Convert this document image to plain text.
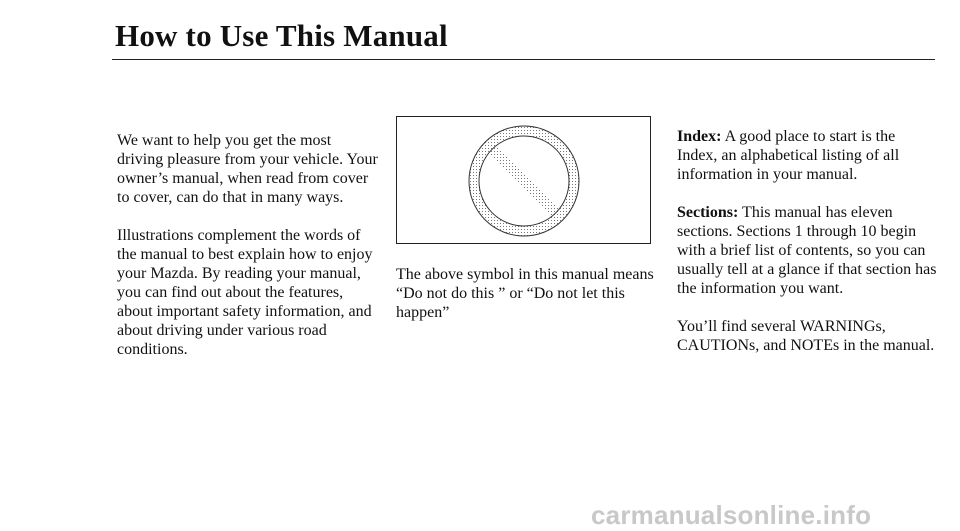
How to Use This Manual

We want to help you get the most driving pleasure from your vehicle. Your owner’s manual, when read from cover to cover, can do that in many ways.

Illustrations complement the words of the manual to best explain how to enjoy your Mazda. By reading your manual, you can find out about the features, about important safety information, and about driving under various road conditions.

The above symbol in this manual means “Do not do this ” or “Do not let this happen”

Index: A good place to start is the Index, an alphabetical listing of all information in your manual.

Sections: This manual has eleven sections. Sections 1 through 10 begin with a brief list of contents, so you can usually tell at a glance if that section has the information you want.

You’ll find several WARNINGs, CAUTIONs, and NOTEs in the manual.

carmanualsonline.info
